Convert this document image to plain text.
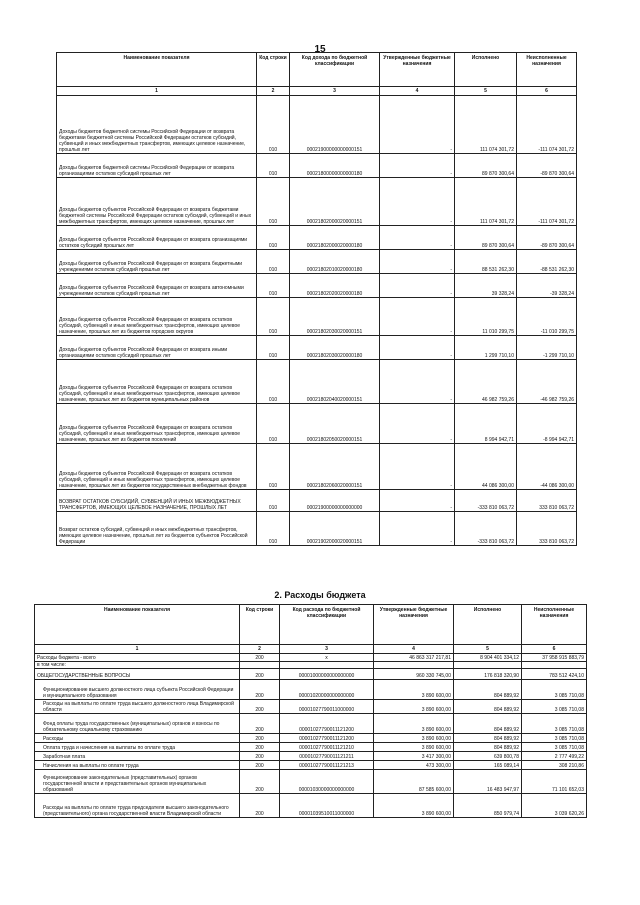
15
Наименование показателя	Код строки	Код дохода по бюджетной классификации	Утвержденные бюджетные назначения	Исполнено	Неисполненные назначения
1	2	3	4	5	6
Доходы бюджетов бюджетной системы Российской Федерации от возврата бюджетами бюджетной системы Российской Федерации остатков субсидий, субвенций и иных межбюджетных трансфертов, имеющих целевое назначение, прошлых лет	010	00021900000000000151	-	111 074 301,72	-111 074 301,72
Доходы бюджетов бюджетной системы Российской Федерации от возврата организациями остатков субсидий прошлых лет	010	00021800000000000180	-	89 870 300,64	-89 870 300,64
Доходы бюджетов субъектов Российской Федерации от возврата бюджетами бюджетной системы Российской Федерации остатков субсидий, субвенций и иных межбюджетных трансфертов, имеющих целевое назначение, прошлых лет	010	00021802000020000151	-	111 074 301,72	-111 074 301,72
Доходы бюджетов субъектов Российской Федерации от возврата организациями остатков субсидий прошлых лет	010	00021802000020000180	-	89 870 300,64	-89 870 300,64
Доходы бюджетов субъектов Российской Федерации от возврата бюджетными учреждениями остатков субсидий прошлых лет	010	00021802010020000180	-	88 531 262,30	-88 531 262,30
Доходы бюджетов субъектов Российской Федерации от возврата автономными учреждениями остатков субсидий прошлых лет	010	00021802020020000180	-	39 328,24	-39 328,24
Доходы бюджетов субъектов Российской Федерации от возврата остатков субсидий, субвенций и иных межбюджетных трансфертов, имеющих целевое назначение, прошлых лет из бюджетов городских округов	010	00021802030020000151	-	11 010 299,75	-11 010 299,75
Доходы бюджетов субъектов Российской Федерации от возврата иными организациями остатков субсидий прошлых лет	010	00021802030020000180	-	1 299 710,10	-1 299 710,10
Доходы бюджетов субъектов Российской Федерации от возврата остатков субсидий, субвенций и иных межбюджетных трансфертов, имеющих целевое назначение, прошлых лет из бюджетов муниципальных районов	010	00021802040020000151	-	46 982 759,26	-46 982 759,26
Доходы бюджетов субъектов Российской Федерации от возврата остатков субсидий, субвенций и иных межбюджетных трансфертов, имеющих целевое назначение, прошлых лет из бюджетов поселений	010	00021802050020000151	-	8 994 942,71	-8 994 942,71
Доходы бюджетов субъектов Российской Федерации от возврата остатков субсидий, субвенций и иных межбюджетных трансфертов, имеющих целевое назначение, прошлых лет из бюджетов государственных внебюджетных фондов	010	00021802060020000151	-	44 086 300,00	-44 086 300,00
ВОЗВРАТ ОСТАТКОВ СУБСИДИЙ, СУБВЕНЦИЙ И ИНЫХ МЕЖБЮДЖЕТНЫХ ТРАНСФЕРТОВ, ИМЕЮЩИХ ЦЕЛЕВОЕ НАЗНАЧЕНИЕ, ПРОШЛЫХ ЛЕТ	010	00021900000000000000	-	-333 810 063,72	333 810 063,72
Возврат остатков субсидий, субвенций и иных межбюджетных трансфертов, имеющих целевое назначение, прошлых лет из бюджетов субъектов Российской Федерации	010	00021902000020000151	-	-333 810 063,72	333 810 063,72
2. Расходы бюджета
Наименование показателя	Код строки	Код расхода по бюджетной классификации	Утвержденные бюджетные назначения	Исполнено	Неисполненные назначения
1	2	3	4	5	6
Расходы бюджета - всего	200	x	46 863 317 217,81	8 904 401 334,12	37 958 915 883,79
в том числе:					
ОБЩЕГОСУДАРСТВЕННЫЕ ВОПРОСЫ	200	00001000000000000000	960 330 745,00	176 818 320,90	783 512 424,10
Функционирование высшего должностного лица субъекта Российской Федерации и муниципального образования	200	00001020000000000000	3 890 600,00	804 889,92	3 085 710,08
Расходы на выплаты по оплате труда высшего должностного лица Владимирской области	200	00001027790011000000	3 890 600,00	804 889,92	3 085 710,08
Фонд оплаты труда государственных (муниципальных) органов и взносы по обязательному социальному страхованию	200	00001027790011121200	3 890 600,00	804 889,92	3 085 710,08
Расходы	200	00001027790011121200	3 890 600,00	804 889,92	3 085 710,08
Оплата труда и начисления на выплаты по оплате труда	200	00001027790011121210	3 890 600,00	804 889,92	3 085 710,08
Заработная плата	200	00001027790011121211	3 417 300,00	639 800,78	2 777 499,22
Начисления на выплаты по оплате труда	200	00001027790011121213	473 300,00	165 089,14	308 210,86
Функционирование законодательных (представительных) органов государственной власти и представительных органов муниципальных образований	200	00001030000000000000	87 585 600,00	16 483 947,97	71 101 652,03
Расходы на выплаты по оплате труда председателя высшего законодательного (представительного) органа государственной власти Владимирской области	200	00001039510011000000	3 890 600,00	850 979,74	3 039 620,26
